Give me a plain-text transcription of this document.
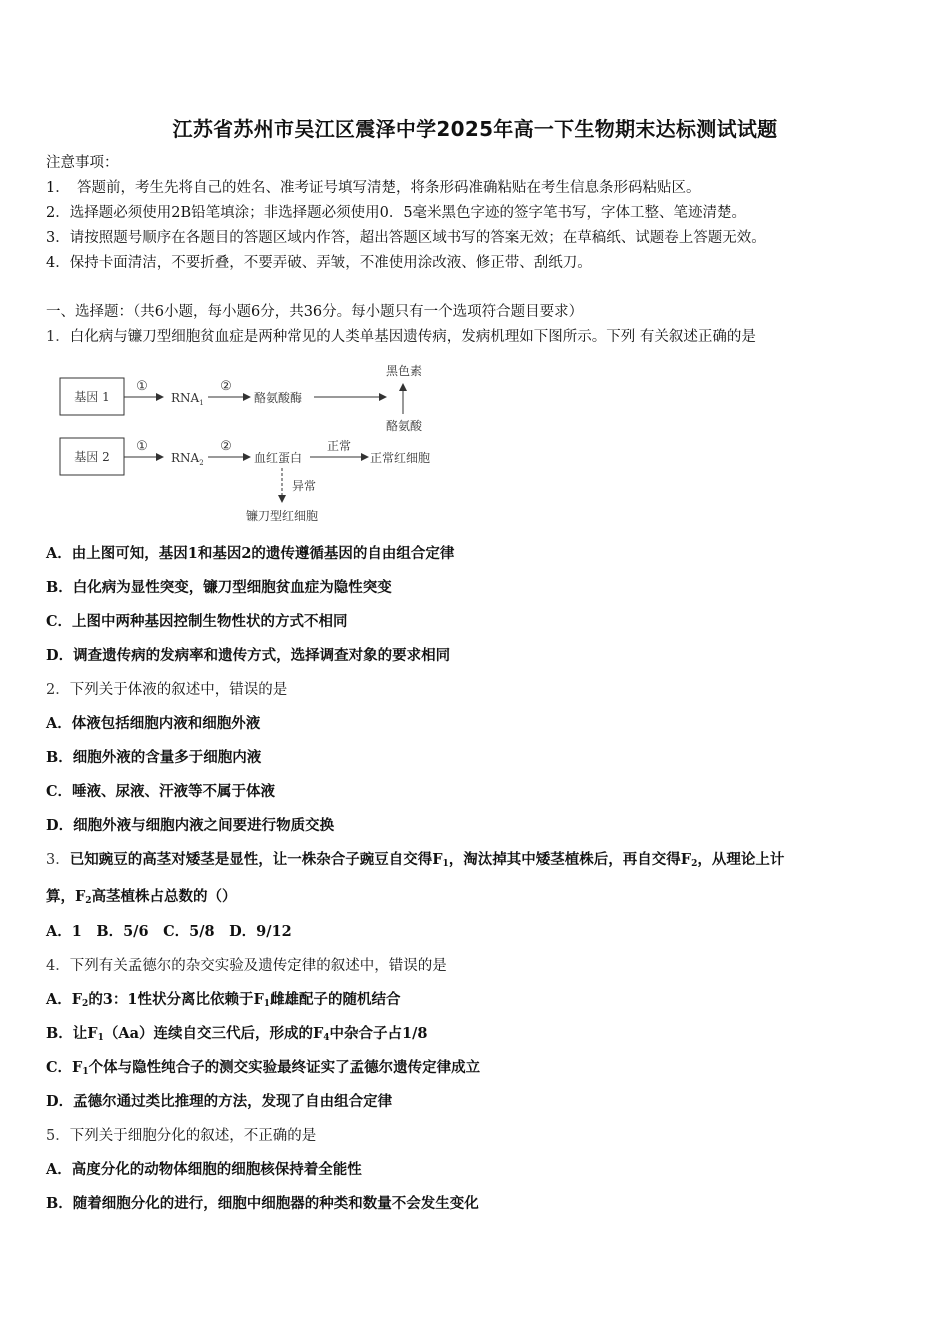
江苏省苏州市吴江区震泽中学2025年高一下生物期末达标测试试题
注意事项：
1．　答题前，考生先将自己的姓名、准考证号填写清楚，将条形码准确粘贴在考生信息条形码粘贴区。
2．选择题必须使用2B铅笔填涂；非选择题必须使用0．5毫米黑色字迹的签字笔书写，字体工整、笔迹清楚。
3．请按照题号顺序在各题目的答题区域内作答，超出答题区域书写的答案无效；在草稿纸、试题卷上答题无效。
4．保持卡面清洁，不要折叠，不要弄破、弄皱，不准使用涂改液、修正带、刮纸刀。
一、选择题：（共6小题，每小题6分，共36分。每小题只有一个选项符合题目要求）
1．白化病与镰刀型细胞贫血症是两种常见的人类单基因遗传病，发病机理如下图所示。下列 有关叙述正确的是
基因 1
①
$RNA_1$
②
酪氨酸酶
黑色素
酪氨酸
基因 2
①
$RNA_2$
②
血红蛋白
正常
正常红细胞
异常
镰刀型红细胞
A．由上图可知，基因1和基因2的遗传遵循基因的自由组合定律
B．白化病为显性突变，镰刀型细胞贫血症为隐性突变
C．上图中两种基因控制生物性状的方式不相同
D．调查遗传病的发病率和遗传方式，选择调查对象的要求相同
2．下列关于体液的叙述中，错误的是
A．体液包括细胞内液和细胞外液
B．细胞外液的含量多于细胞内液
C．唾液、尿液、汗液等不属于体液
D．细胞外液与细胞内液之间要进行物质交换
3．已知豌豆的高茎对矮茎是显性，让一株杂合子豌豆自交得$F_1$，淘汰掉其中矮茎植株后，再自交得$F_2$，从理论上计
算，$F_2$高茎植株占总数的（）
A．1　B．5/6　C．5/8　D．9/12
4．下列有关孟德尔的杂交实验及遗传定律的叙述中，错误的是
A．$F_2$的3：1性状分离比依赖于$F_1$雌雄配子的随机结合
B．让$F_1(Aa)$连续自交三代后，形成的$F_4$中杂合子占1/8
C．$F_1$个体与隐性纯合子的测交实验最终证实了孟德尔遗传定律成立
D．孟德尔通过类比推理的方法，发现了自由组合定律
5．下列关于细胞分化的叙述，不正确的是
A．高度分化的动物体细胞的细胞核保持着全能性
B．随着细胞分化的进行，细胞中细胞器的种类和数量不会发生变化
